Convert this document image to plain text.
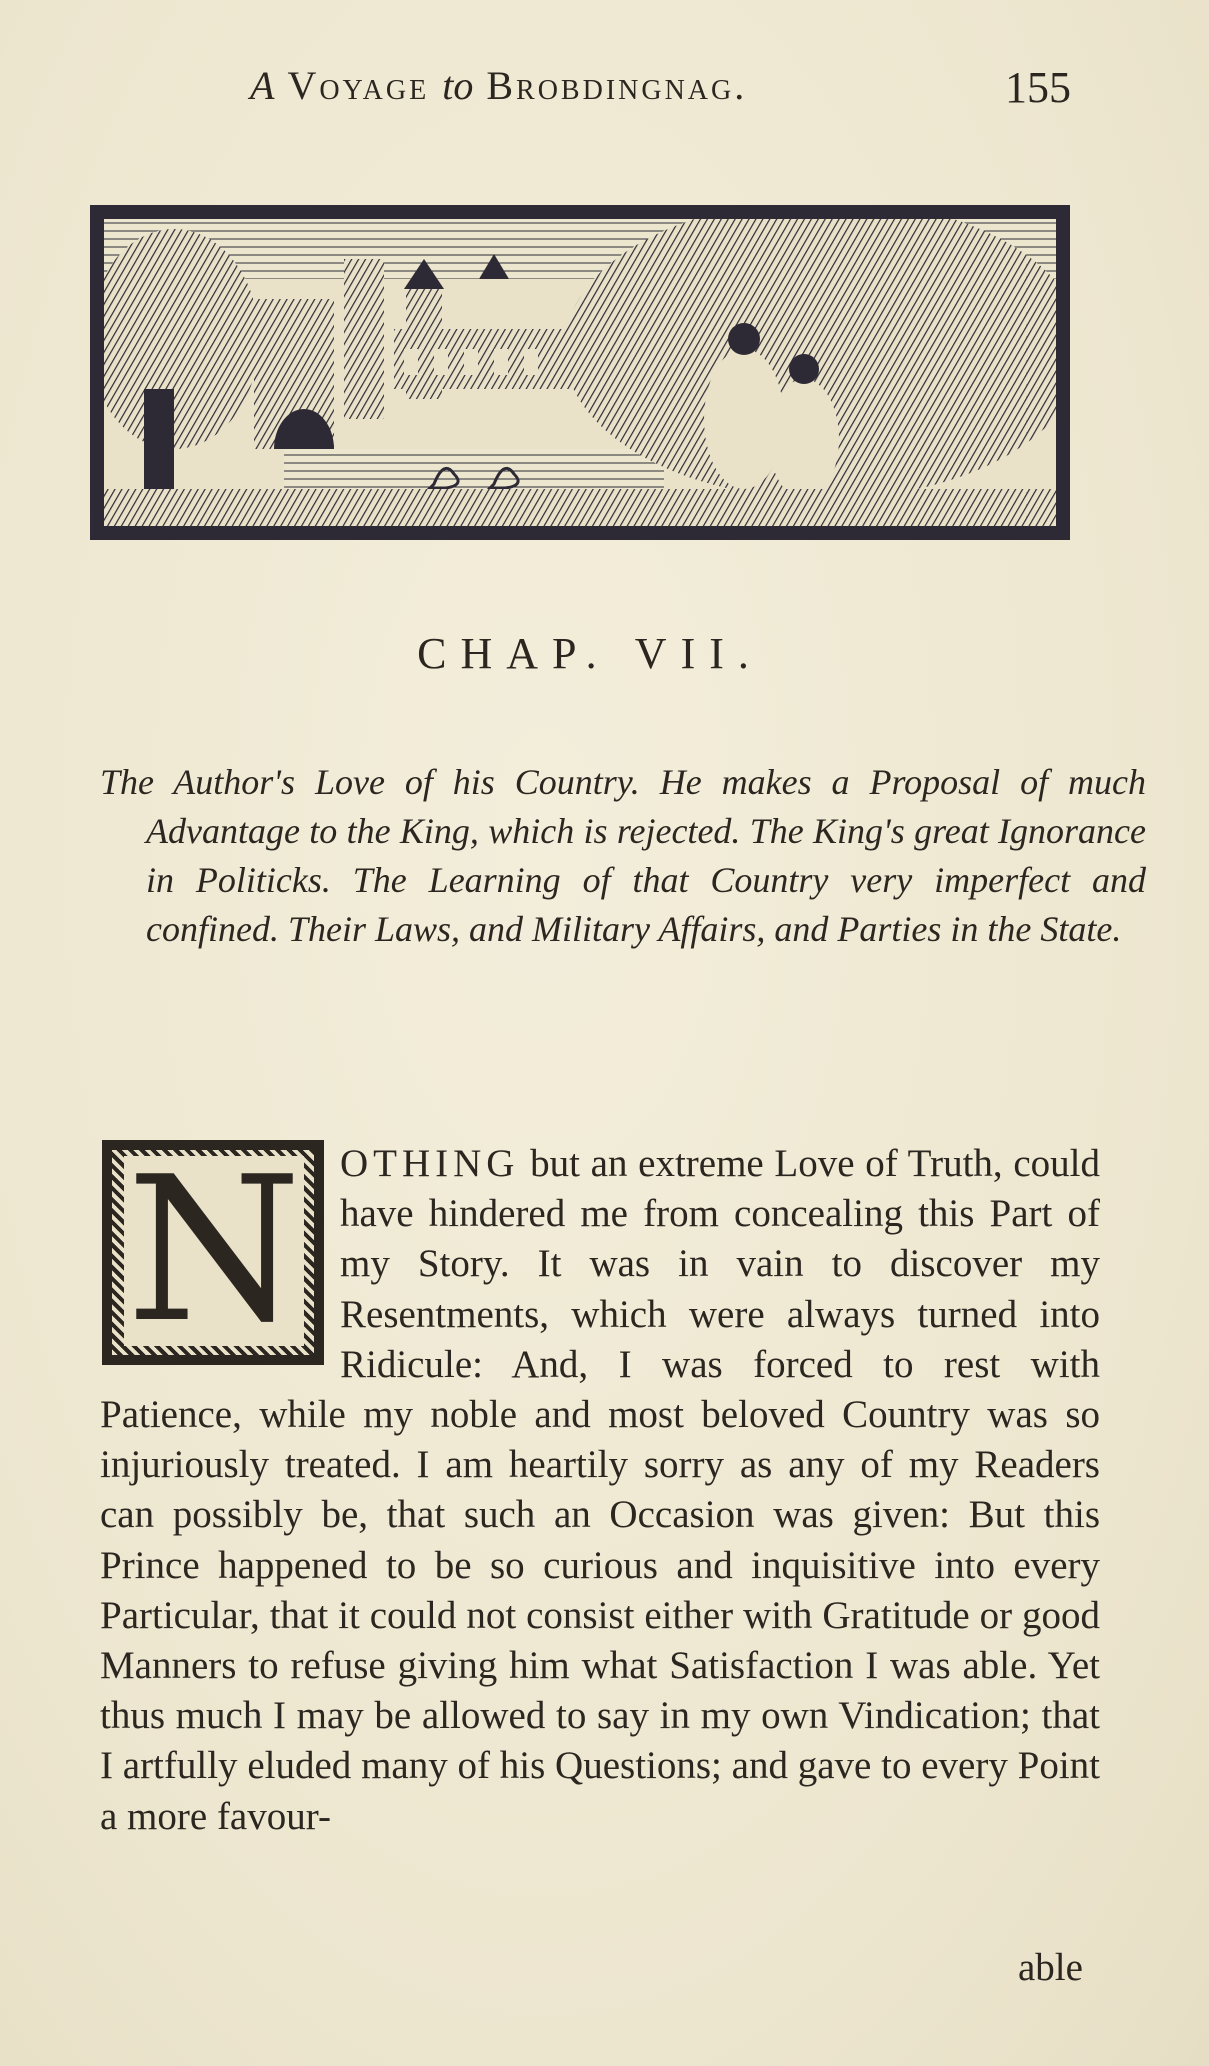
A Voyage to Brobdingnag.	155
CHAP. VII.
The Author's Love of his Country. He makes a Proposal of much Advantage to the King, which is rejected. The King's great Ignorance in Politicks. The Learning of that Country very imperfect and confined. Their Laws, and Military Affairs, and Parties in the State.
N OTHING but an extreme Love of Truth, could have hindered me from concealing this Part of my Story. It was in vain to discover my Resentments, which were always turned into Ridicule: And, I was forced to rest with Patience, while my noble and most beloved Country was so injuriously treated. I am heartily sorry as any of my Readers can possibly be, that such an Occasion was given: But this Prince happened to be so curious and inquisitive into every Particular, that it could not consist either with Gratitude or good Manners to refuse giving him what Satisfaction I was able. Yet thus much I may be allowed to say in my own Vindication; that I artfully eluded many of his Questions; and gave to every Point a more favour-
able
